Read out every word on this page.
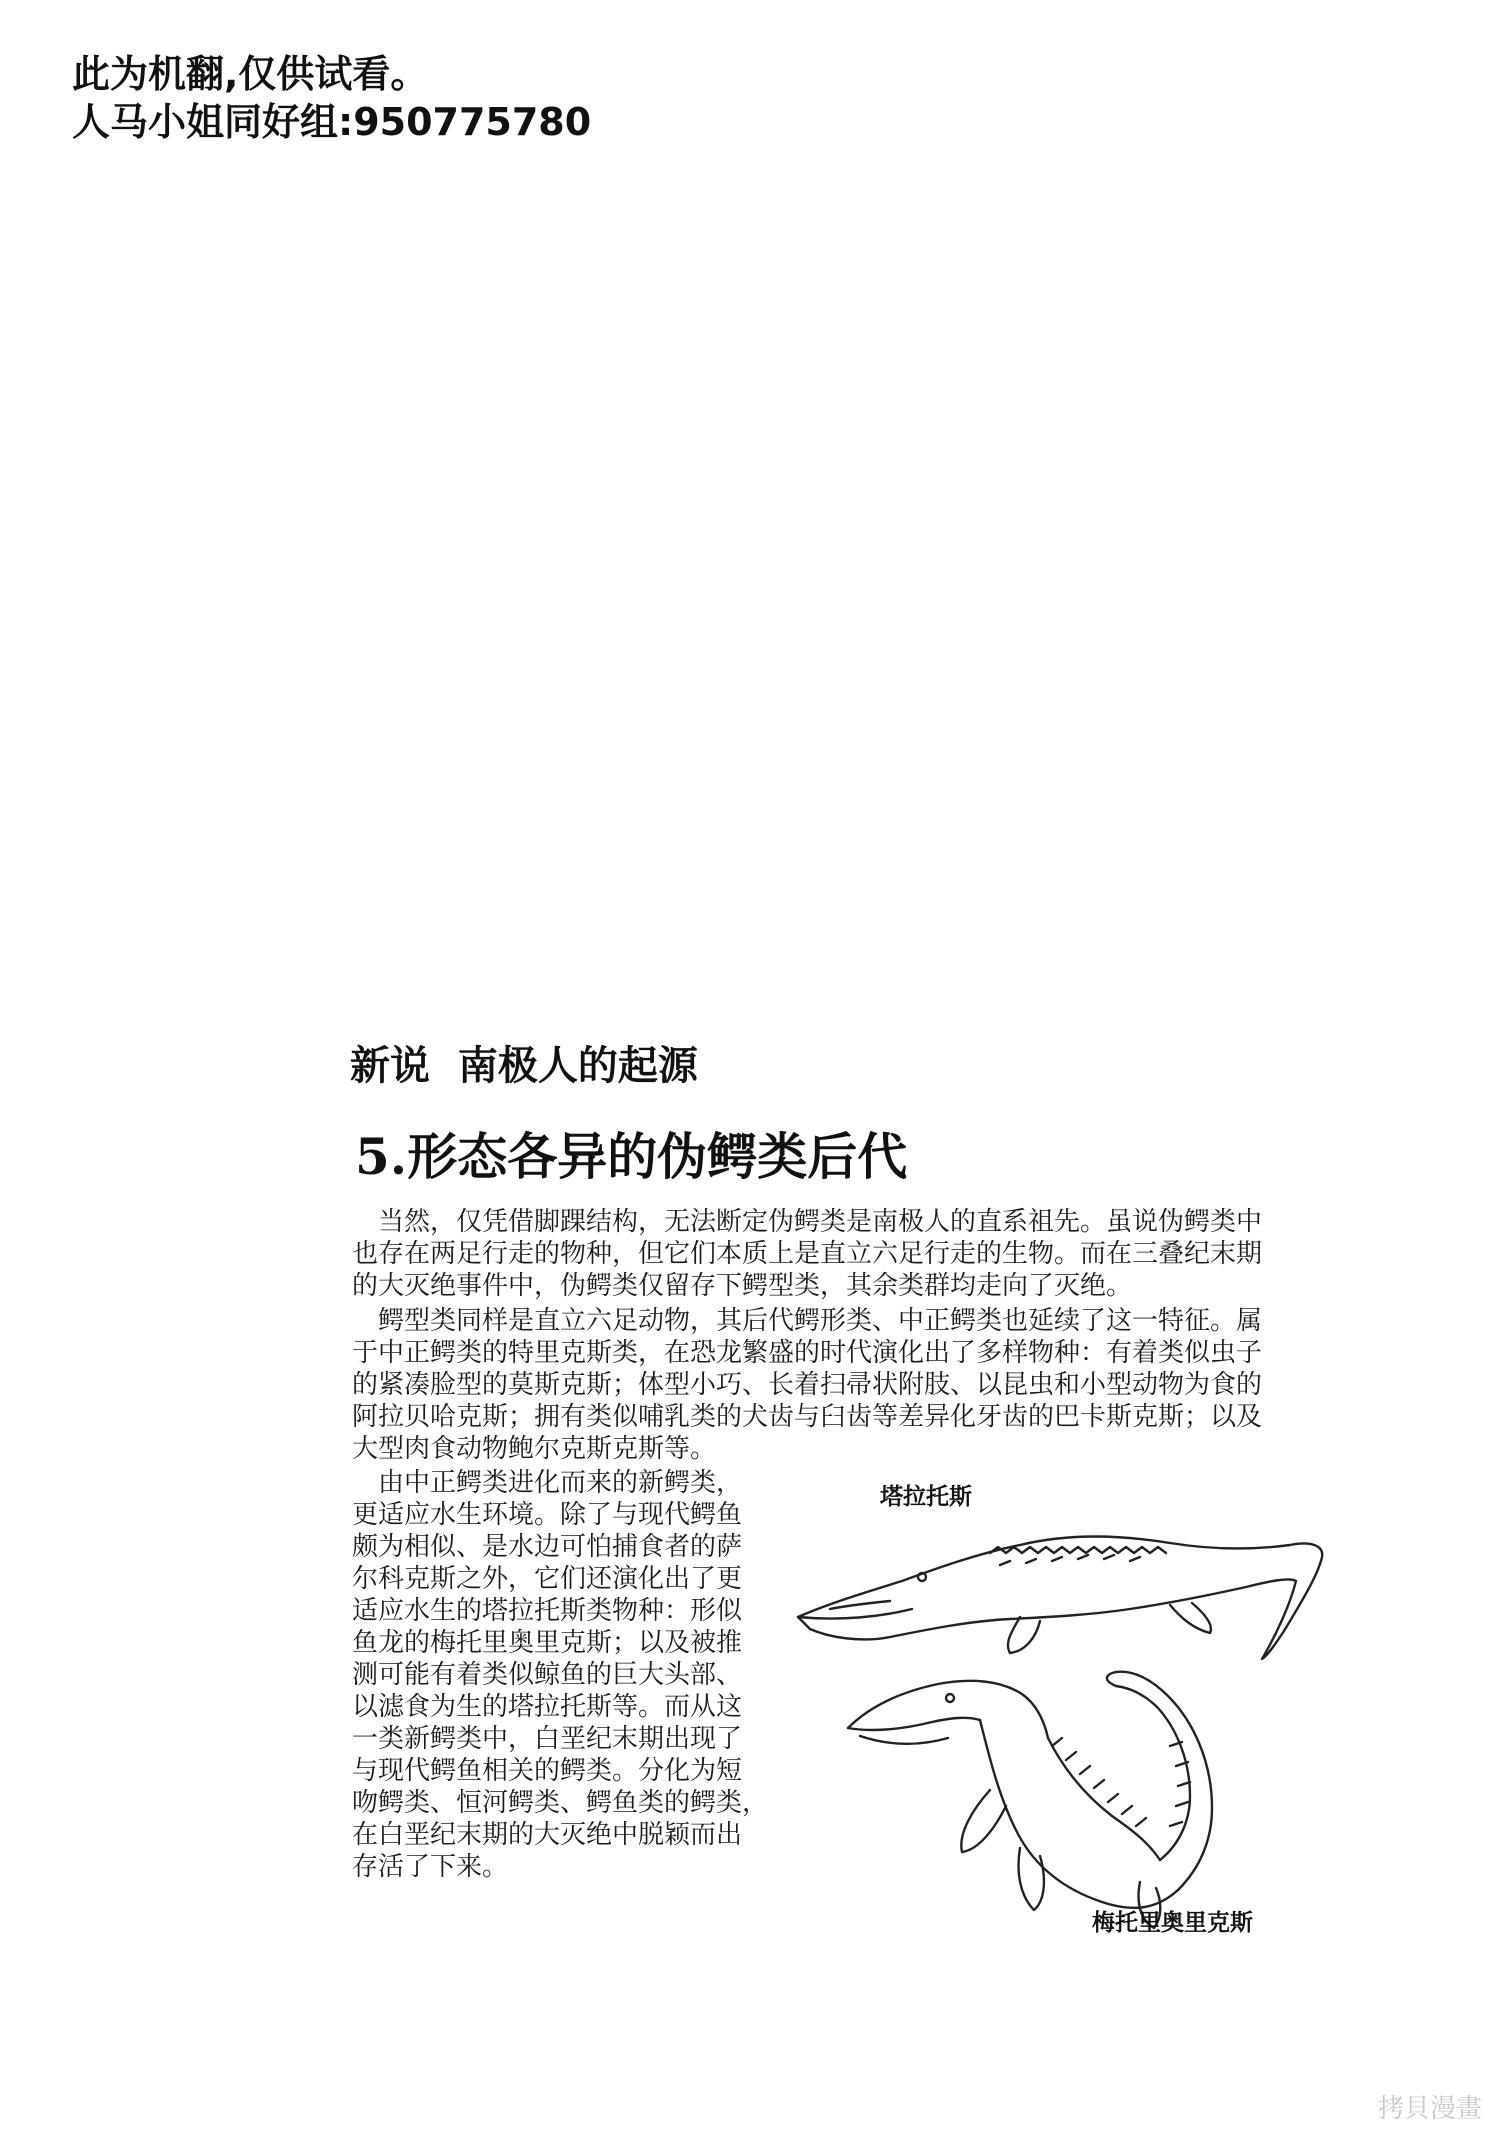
此为机翻,仅供试看。
人马小姐同好组:950775780
新说  南极人的起源
5.形态各异的伪鳄类后代
　当然，仅凭借脚踝结构，无法断定伪鳄类是南极人的直系祖先。虽说伪鳄类中
也存在两足行走的物种，但它们本质上是直立六足行走的生物。而在三叠纪末期
的大灭绝事件中，伪鳄类仅留存下鳄型类，其余类群均走向了灭绝。
　鳄型类同样是直立六足动物，其后代鳄形类、中正鳄类也延续了这一特征。属
于中正鳄类的特里克斯类，在恐龙繁盛的时代演化出了多样物种：有着类似虫子
的紧凑脸型的莫斯克斯；体型小巧、长着扫帚状附肢、以昆虫和小型动物为食的
阿拉贝哈克斯；拥有类似哺乳类的犬齿与臼齿等差异化牙齿的巴卡斯克斯；以及
大型肉食动物鲍尔克斯克斯等。
　由中正鳄类进化而来的新鳄类，
更适应水生环境。除了与现代鳄鱼
颇为相似、是水边可怕捕食者的萨
尔科克斯之外，它们还演化出了更
适应水生的塔拉托斯类物种：形似
鱼龙的梅托里奥里克斯；以及被推
测可能有着类似鲸鱼的巨大头部、
以滤食为生的塔拉托斯等。而从这
一类新鳄类中，白垩纪末期出现了
与现代鳄鱼相关的鳄类。分化为短
吻鳄类、恒河鳄类、鳄鱼类的鳄类，
在白垩纪末期的大灭绝中脱颖而出
存活了下来。
塔拉托斯
梅托里奥里克斯
拷貝漫畫
